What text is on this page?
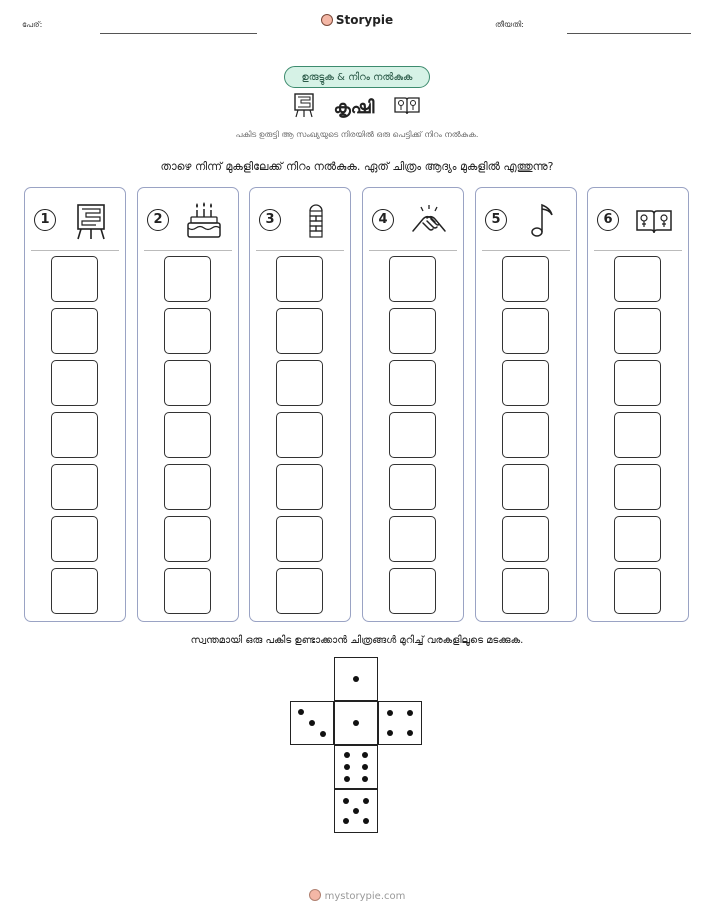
പേര്:	Storypie	തീയതി:
ഉരുട്ടുക & നിറം നൽകുക
കൃഷി
പകിട ഉരുട്ടി ആ സംഖ്യയുടെ നിരയിൽ ഒരു പെട്ടിക്ക് നിറം നൽകുക.
താഴെ നിന്ന് മുകളിലേക്ക് നിറം നൽകുക. ഏത് ചിത്രം ആദ്യം മുകളിൽ എത്തുന്നു?
1	2	3	4	5	6
സ്വന്തമായി ഒരു പകിട ഉണ്ടാക്കാൻ ചിത്രങ്ങൾ മുറിച്ച് വരകളിലൂടെ മടക്കുക.
mystorypie.com
